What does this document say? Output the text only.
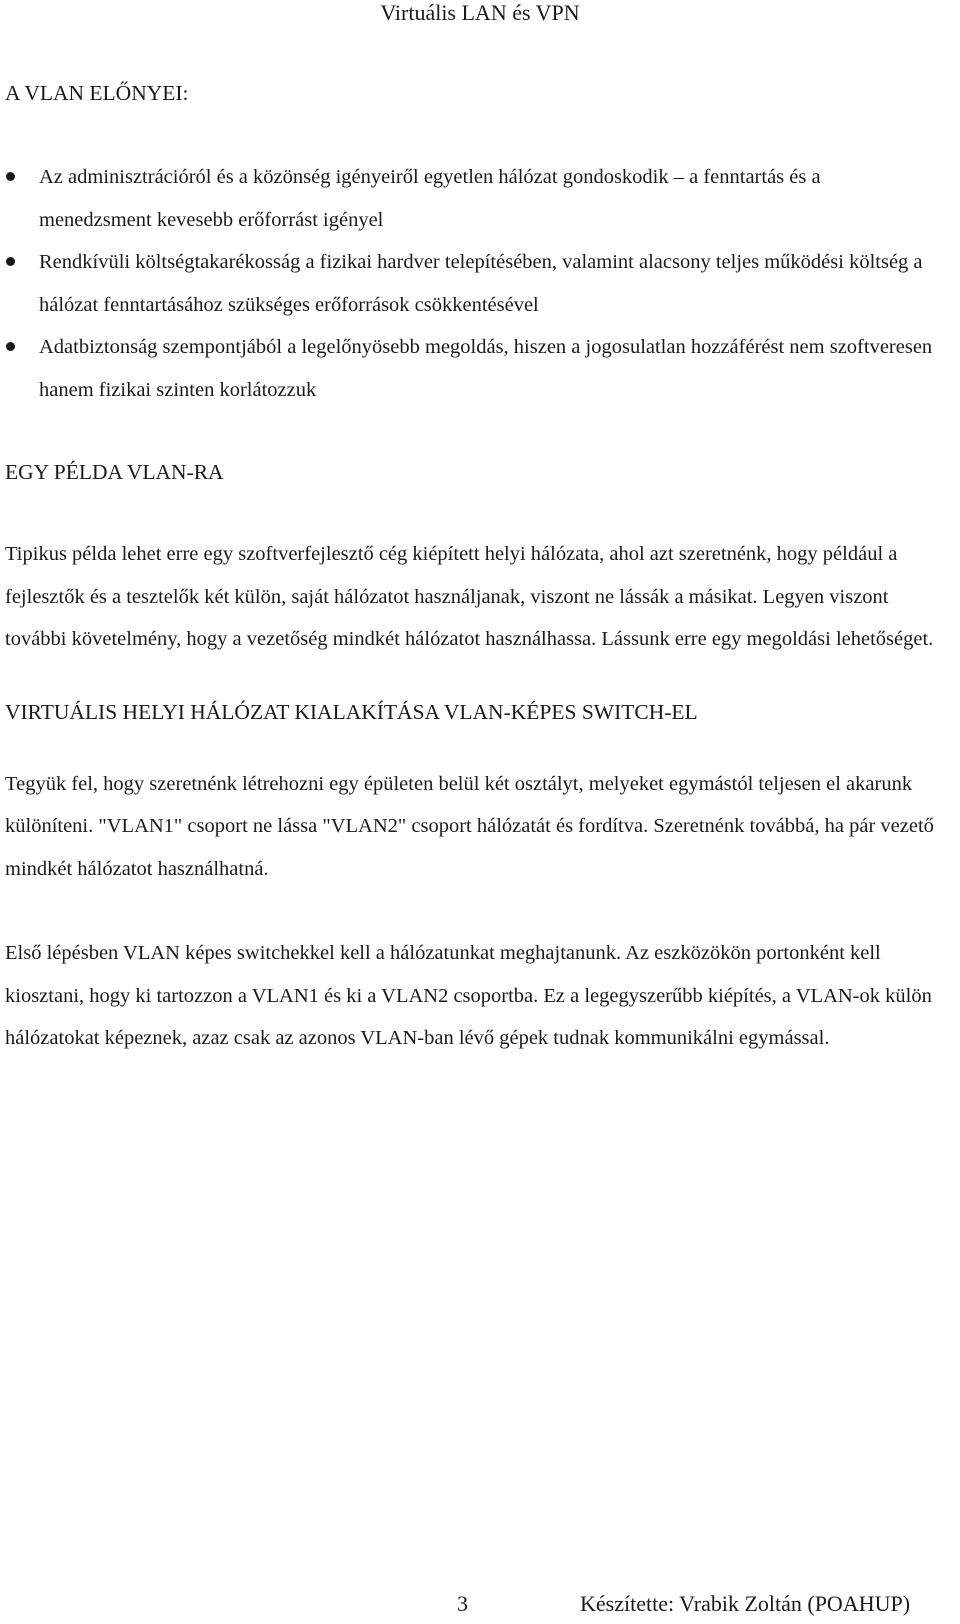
Virtuális LAN és VPN
A VLAN ELŐNYEI:
Az adminisztrációról és a közönség igényeiről egyetlen hálózat gondoskodik – a fenntartás és a menedzsment kevesebb erőforrást igényel
Rendkívüli költségtakarékosság a fizikai hardver telepítésében, valamint alacsony teljes működési költség a hálózat fenntartásához szükséges erőforrások csökkentésével
Adatbiztonság szempontjából a legelőnyösebb megoldás, hiszen a jogosulatlan hozzáférést nem szoftveresen hanem fizikai szinten korlátozzuk
EGY PÉLDA VLAN-RA

Tipikus példa lehet erre egy szoftverfejlesztő cég kiépített helyi hálózata, ahol azt szeretnénk, hogy például a fejlesztők és a tesztelők két külön, saját hálózatot használjanak, viszont ne lássák a másikat. Legyen viszont további követelmény, hogy a vezetőség mindkét hálózatot használhassa. Lássunk erre egy megoldási lehetőséget.

VIRTUÁLIS HELYI HÁLÓZAT KIALAKÍTÁSA VLAN-KÉPES SWITCH-EL

Tegyük fel, hogy szeretnénk létrehozni egy épületen belül két osztályt, melyeket egymástól teljesen el akarunk különíteni. "VLAN1" csoport ne lássa "VLAN2" csoport hálózatát és fordítva. Szeretnénk továbbá, ha pár vezető mindkét hálózatot használhatná.

Első lépésben VLAN képes switchekkel kell a hálózatunkat meghajtanunk. Az eszközökön portonként kell kiosztani, hogy ki tartozzon a VLAN1 és ki a VLAN2 csoportba. Ez a legegyszerűbb kiépítés, a VLAN-ok külön hálózatokat képeznek, azaz csak az azonos VLAN-ban lévő gépek tudnak kommunikálni egymással.

3	Készítette: Vrabik Zoltán (POAHUP)
